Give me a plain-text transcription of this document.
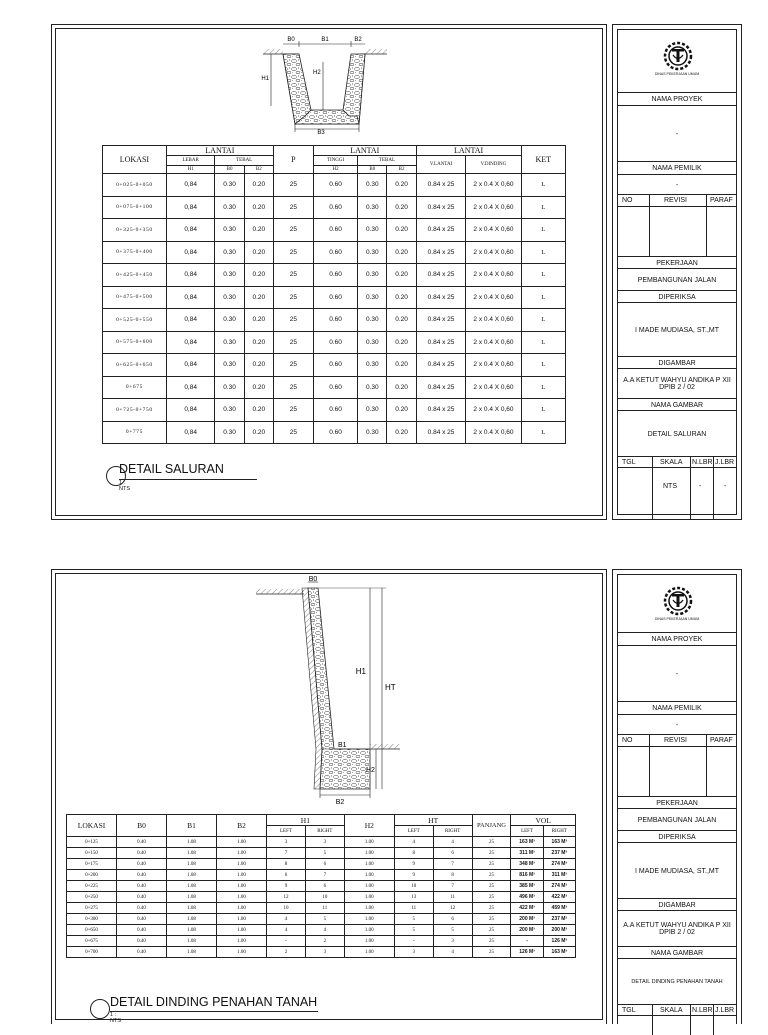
B0	B1	B2
H1
H2
B3
LOKASI	LANTAI			P	LANTAI			LANTAI		KET
	LEBAR	TEBAL			TINGGI	TEBAL		V.LANTAI	V.DINDING	
	H1	B0	B2		H2	B0	B2			
0+025-0+050	0,84	0.30	0.20	25	0.60	0.30	0.20	0.84 x 25	2 x 0.4 X 0,60	L
0+075-0+100	0,84	0.30	0.20	25	0.60	0.30	0.20	0.84 x 25	2 x 0.4 X 0,60	L
0+325-0+350	0,84	0.30	0.20	25	0.60	0.30	0.20	0.84 x 25	2 x 0.4 X 0,60	L
0+375-0+400	0,84	0.30	0.20	25	0.60	0.30	0.20	0.84 x 25	2 x 0.4 X 0,60	L
0+425-0+450	0,84	0.30	0.20	25	0.60	0.30	0.20	0.84 x 25	2 x 0.4 X 0,60	L
0+475-0+500	0,84	0.30	0.20	25	0.60	0.30	0.20	0.84 x 25	2 x 0.4 X 0,60	L
0+525-0+550	0,84	0.30	0.20	25	0.60	0.30	0.20	0.84 x 25	2 x 0.4 X 0,60	L
0+575-0+600	0,84	0.30	0.20	25	0.60	0.30	0.20	0.84 x 25	2 x 0.4 X 0,60	L
0+625-0+650	0,84	0.30	0.20	25	0.60	0.30	0.20	0.84 x 25	2 x 0.4 X 0,60	L
0+675	0,84	0.30	0.20	25	0.60	0.30	0.20	0.84 x 25	2 x 0.4 X 0,60	L
0+725-0+750	0,84	0.30	0.20	25	0.60	0.30	0.20	0.84 x 25	2 x 0.4 X 0,60	L
0+775	0,84	0.30	0.20	25	0.60	0.30	0.20	0.84 x 25	2 x 0.4 X 0,60	L
DETAIL SALURAN
1 : NTS
DINAS PEKERJAAN UMUM
NAMA PROYEK
-
NAMA PEMILIK
-
NO	REVISI	PARAF
PEKERJAAN
PEMBANGUNAN JALAN
DIPERIKSA
I MADE MUDIASA, ST.,MT
DIGAMBAR
A.A KETUT WAHYU ANDIKA P XII DPIB 2 / 02
NAMA GAMBAR
DETAIL SALURAN
TGL	SKALA N.LBR J.LBR
NTS	-	-
B0
H1
HT
B1
H2
B2
LOKASI	B0	B1	B2	H1		H2	HT		PANJANG	VOL	
				LEFT	RIGHT		LEFT	RIGHT		LEFT	RIGHT
0+125	0.40	1.08	1.00	3	3	1.00	4	4	25	163 M³	163 M³
0+150	0.40	1.08	1.00	7	5	1.00	8	6	25	311 M³	237 M³
0+175	0.40	1.08	1.00	8	6	1.00	9	7	25	348 M³	274 M³
0+200	0.40	1.08	1.00	6	7	1.00	9	8	25	816 M³	311 M³
0+225	0.40	1.08	1.00	9	6	1.00	10	7	25	385 M³	274 M³
0+250	0.40	1.08	1.00	12	10	1.00	13	11	25	496 M³	422 M³
0+275	0.40	1.08	1.00	10	11	1.00	11	12	25	422 M³	459 M³
0+300	0.40	1.08	1.00	4	5	1.00	5	6	25	200 M³	237 M³
0+650	0.40	1.08	1.00	4	4	1.00	5	5	25	200 M³	200 M³
0+675	0.40	1.08	1.00	-	2	1.00	-	3	25	-	126 M³
0+700	0.40	1.08	1.00	2	3	1.00	3	4	25	126 M³	163 M³
DETAIL DINDING PENAHAN TANAH
1 : NTS
DINAS PEKERJAAN UMUM
NAMA PROYEK
-
NAMA PEMILIK
-
NO	REVISI	PARAF
PEKERJAAN
PEMBANGUNAN JALAN
DIPERIKSA
I MADE MUDIASA, ST.,MT
DIGAMBAR
A.A KETUT WAHYU ANDIKA P XII DPIB 2 / 02
NAMA GAMBAR
DETAIL DINDING PENAHAN TANAH
TGL	SKALA N.LBR J.LBR
